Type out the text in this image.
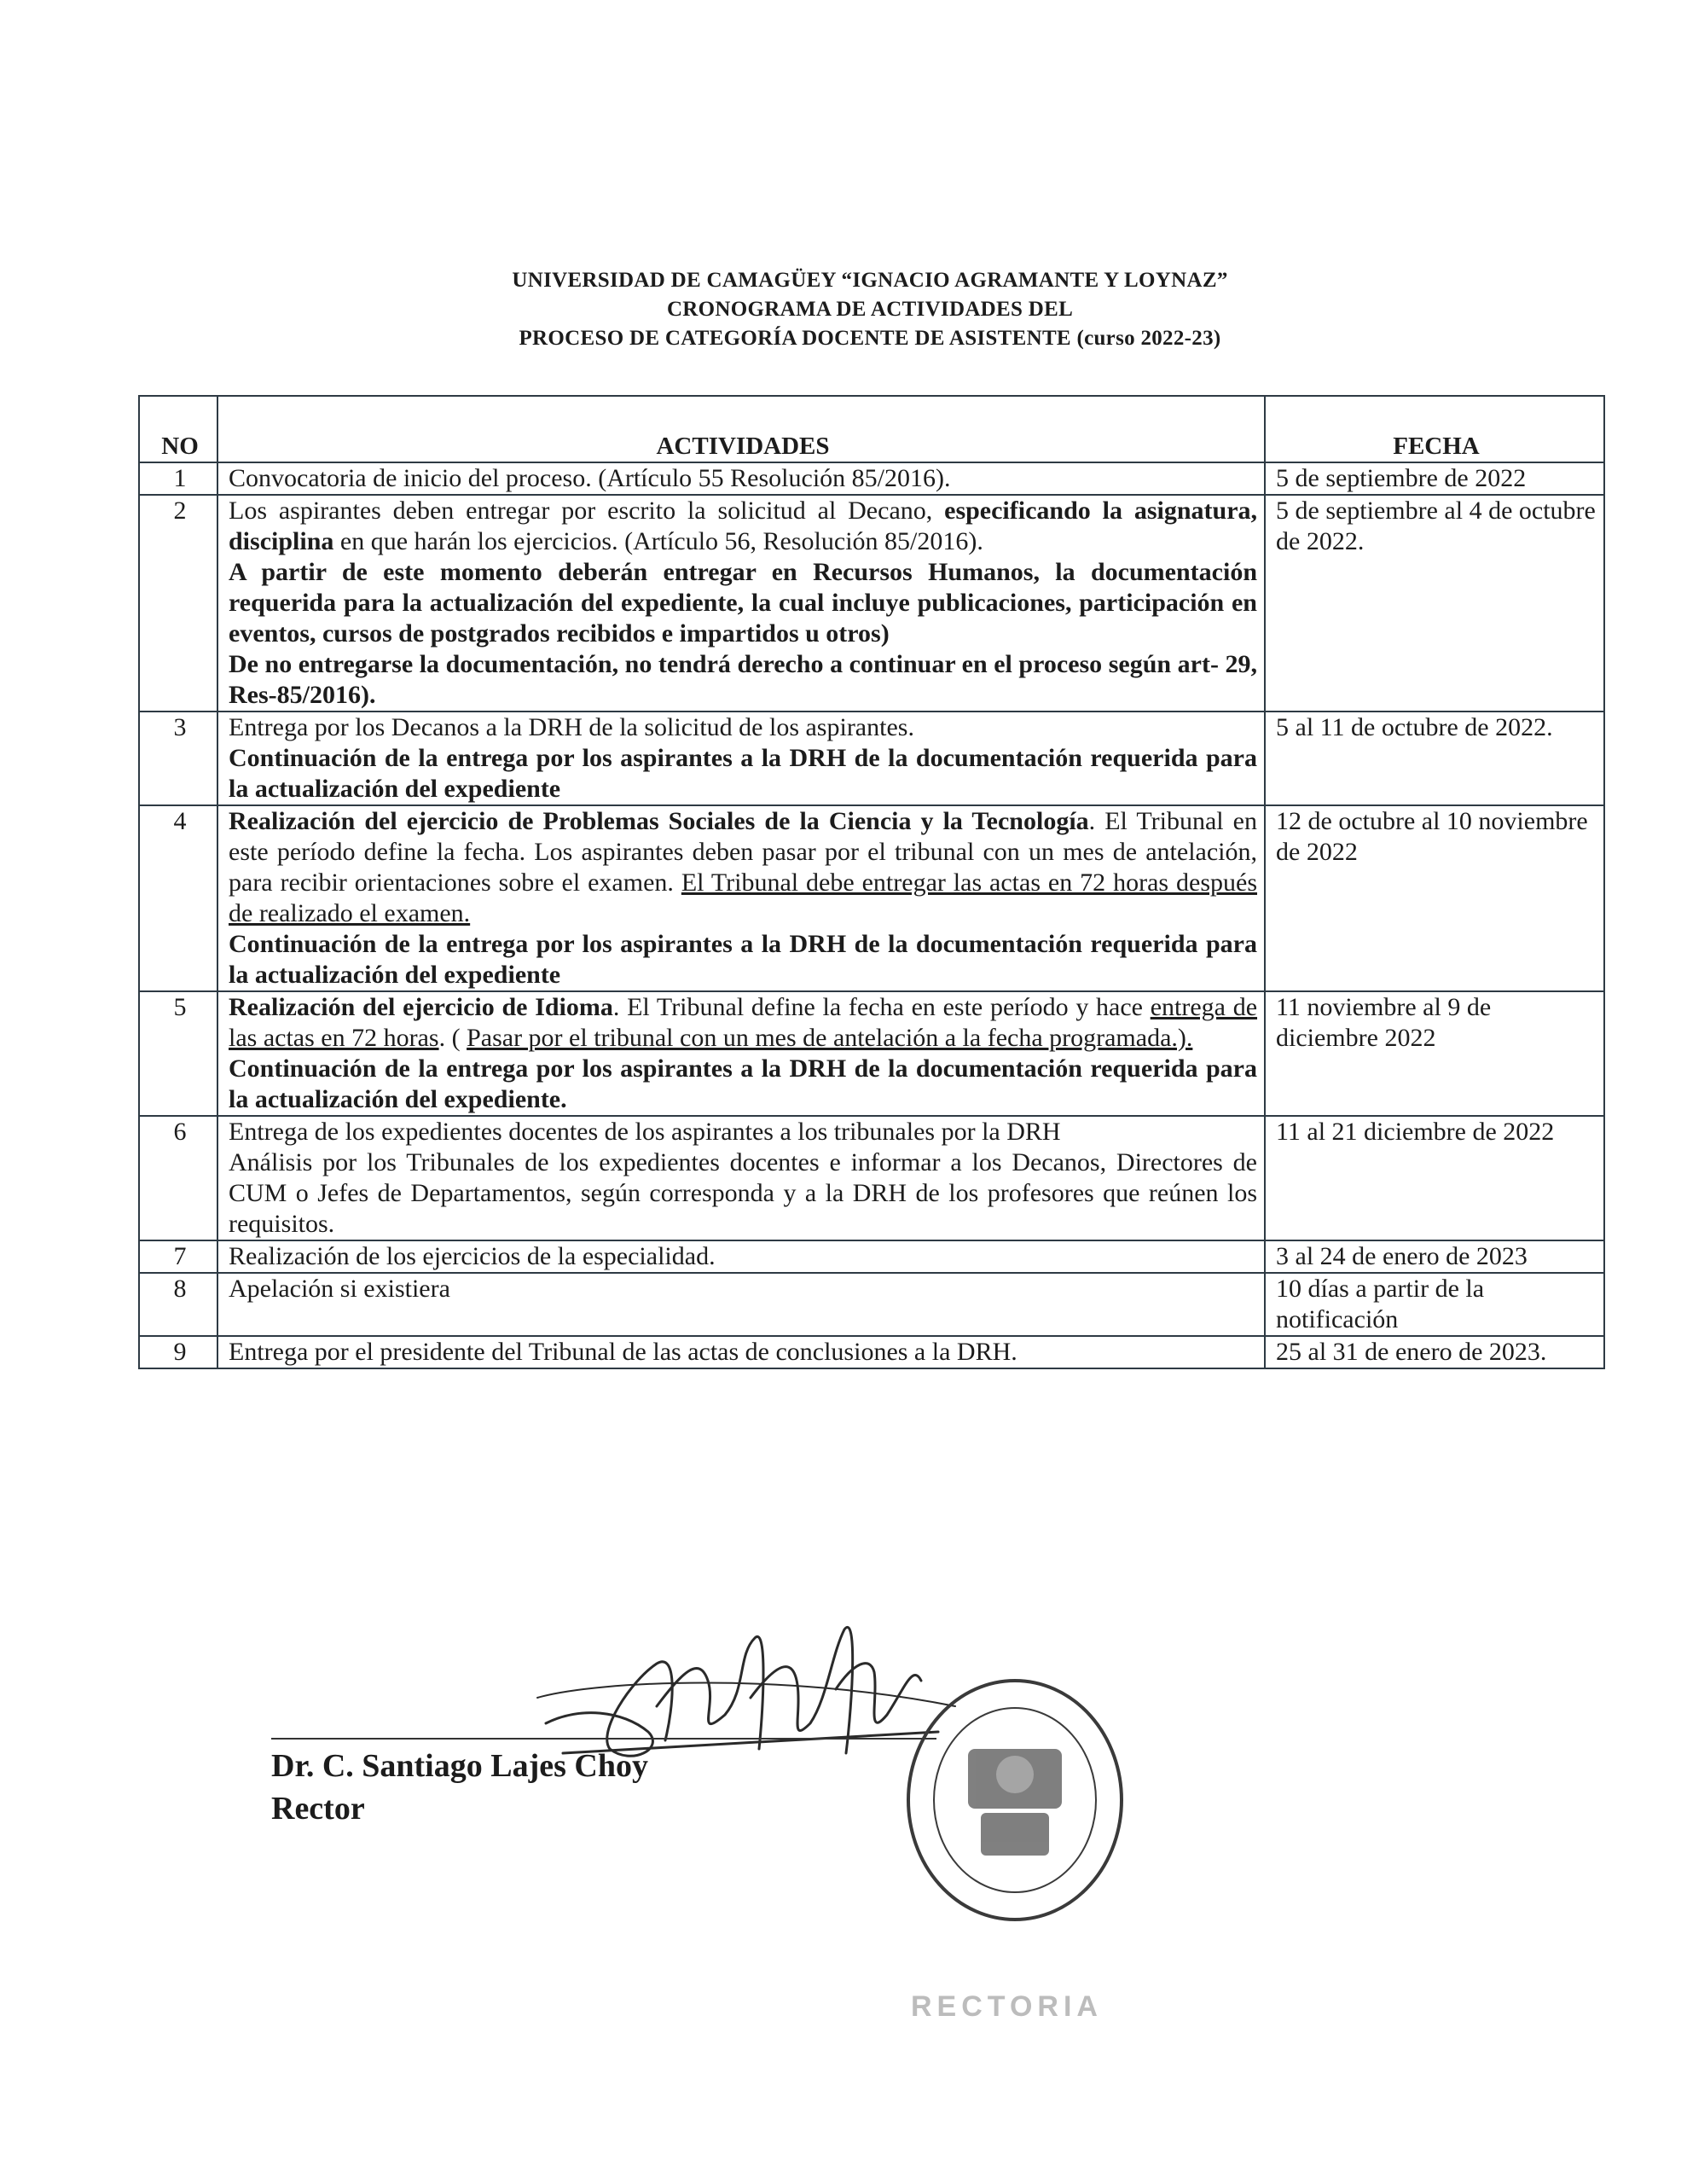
UNIVERSIDAD DE CAMAGÜEY “IGNACIO AGRAMANTE Y LOYNAZ”
CRONOGRAMA DE ACTIVIDADES DEL
PROCESO DE CATEGORÍA DOCENTE DE ASISTENTE (curso 2022-23)
NO	ACTIVIDADES	FECHA
1	Convocatoria de inicio del proceso. (Artículo 55 Resolución 85/2016).	5 de septiembre de 2022
2	Los aspirantes deben entregar por escrito la solicitud al Decano, especificando la asignatura, disciplina en que harán los ejercicios. (Artículo 56, Resolución 85/2016).
A partir de este momento deberán entregar en Recursos Humanos, la documentación requerida para la actualización del expediente, la cual incluye publicaciones, participación en eventos, cursos de postgrados recibidos e impartidos u otros)
De no entregarse la documentación, no tendrá derecho a continuar en el proceso según art- 29, Res-85/2016).	5 de septiembre al 4 de octubre de 2022.
3	Entrega por los Decanos a la DRH de la solicitud de los aspirantes.
Continuación de la entrega por los aspirantes a la DRH de la documentación requerida para la actualización del expediente	5 al 11 de octubre de 2022.
4	Realización del ejercicio de Problemas Sociales de la Ciencia y la Tecnología. El Tribunal en este período define la fecha. Los aspirantes deben pasar por el tribunal con un mes de antelación, para recibir orientaciones sobre el examen. El Tribunal debe entregar las actas en 72 horas después de realizado el examen.
Continuación de la entrega por los aspirantes a la DRH de la documentación requerida para la actualización del expediente	12 de octubre al 10 noviembre de 2022
5	Realización del ejercicio de Idioma. El Tribunal define la fecha en este período y hace entrega de las actas en 72 horas. ( Pasar por el tribunal con un mes de antelación a la fecha programada.).
Continuación de la entrega por los aspirantes a la DRH de la documentación requerida para la actualización del expediente.	11 noviembre al 9 de diciembre 2022
6	Entrega de los expedientes docentes de los aspirantes a los tribunales por la DRH
Análisis por los Tribunales de los expedientes docentes e informar a los Decanos, Directores de CUM o Jefes de Departamentos, según corresponda y a la DRH de los profesores que reúnen los requisitos.	11 al 21 diciembre de 2022
7	Realización de los ejercicios de la especialidad.	3 al 24 de enero de 2023
8	Apelación si existiera	10 días a partir de la notificación
9	Entrega por el presidente del Tribunal de las actas de conclusiones a la DRH.	25 al 31 de enero de 2023.
Dr. C. Santiago Lajes Choy
Rector
RECTORIA
